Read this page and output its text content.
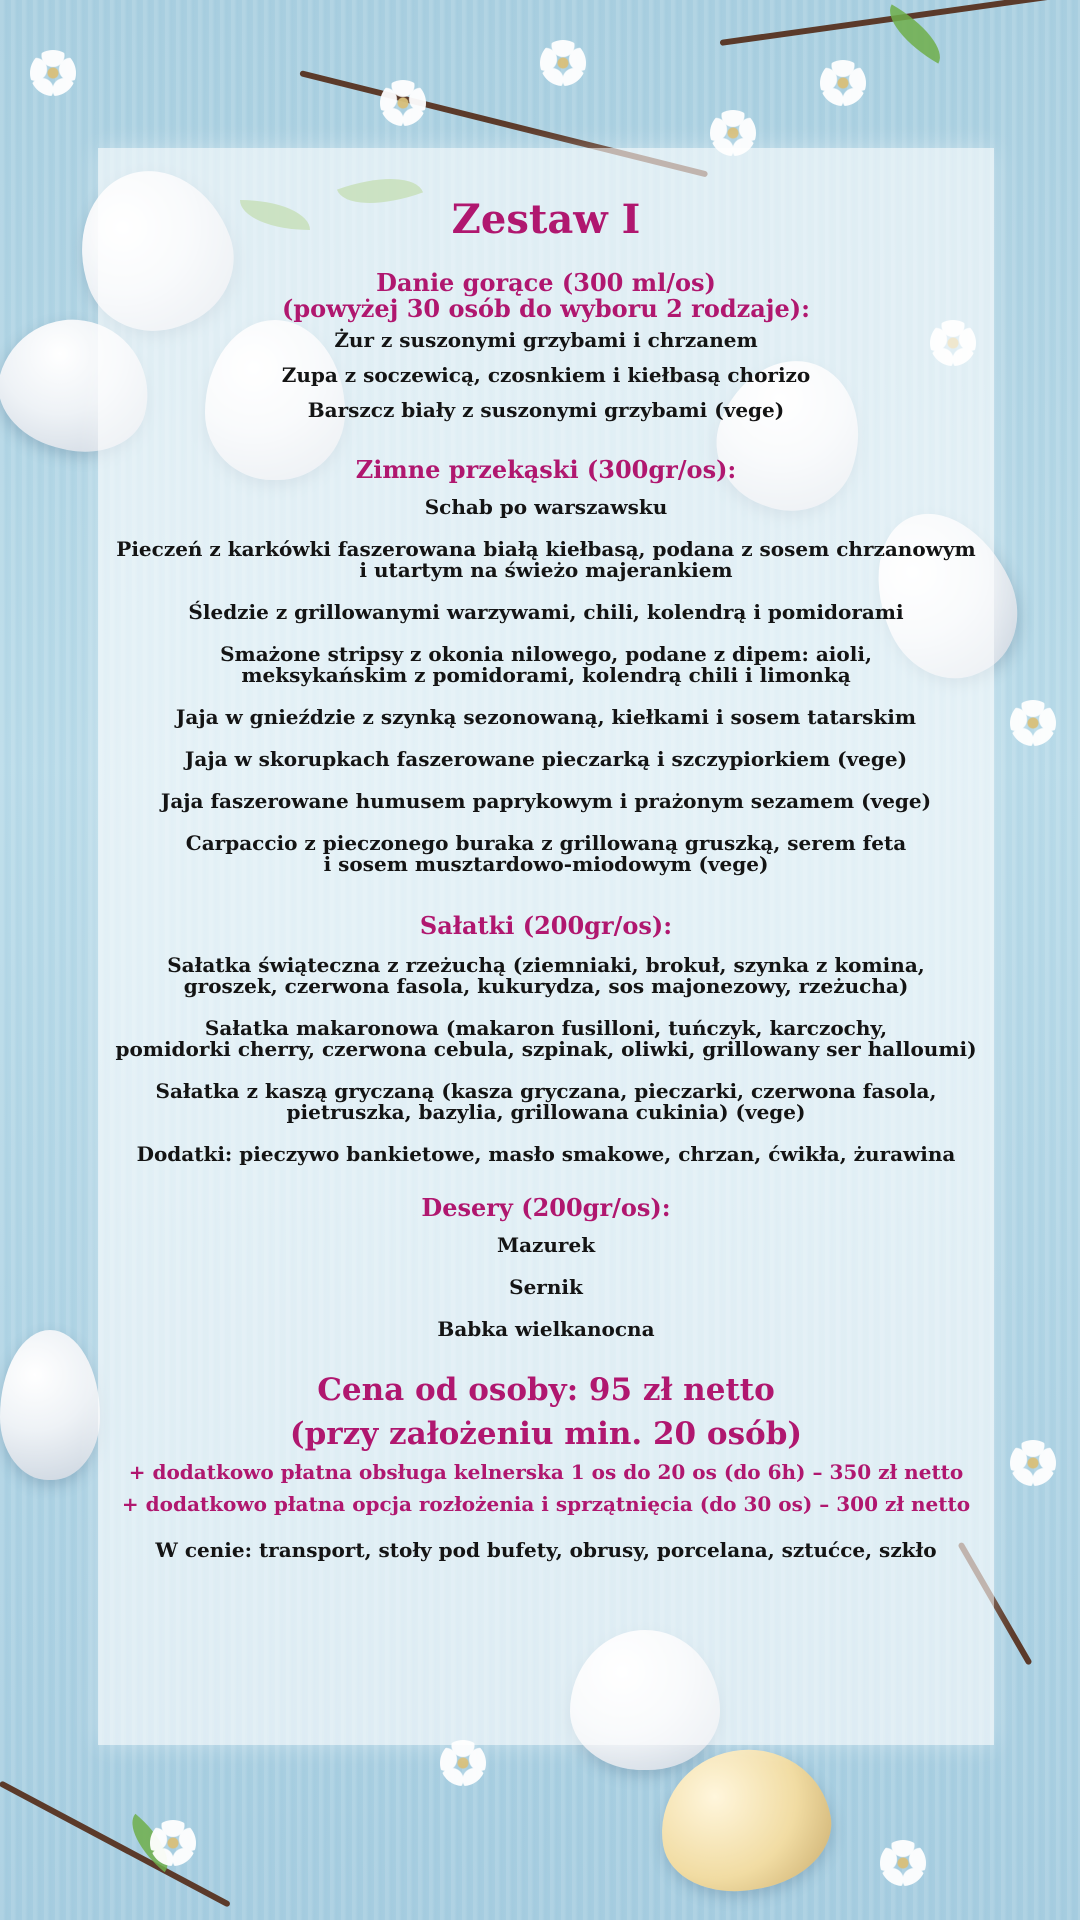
Zestaw I
Danie gorące (300 ml/os)
(powyżej 30 osób do wyboru 2 rodzaje):
Żur z suszonymi grzybami i chrzanem
Zupa z soczewicą, czosnkiem i kiełbasą chorizo
Barszcz biały z suszonymi grzybami (vege)
Zimne przekąski (300gr/os):
Schab po warszawsku
Pieczeń z karkówki faszerowana białą kiełbasą, podana z sosem chrzanowym
i utartym na świeżo majerankiem
Śledzie z grillowanymi warzywami, chili, kolendrą i pomidorami
Smażone stripsy z okonia nilowego, podane z dipem: aioli,
meksykańskim z pomidorami, kolendrą chili i limonką
Jaja w gnieździe z szynką sezonowaną, kiełkami i sosem tatarskim
Jaja w skorupkach faszerowane pieczarką i szczypiorkiem (vege)
Jaja faszerowane humusem paprykowym i prażonym sezamem (vege)
Carpaccio z pieczonego buraka z grillowaną gruszką, serem feta
i sosem musztardowo-miodowym (vege)
Sałatki (200gr/os):
Sałatka świąteczna z rzeżuchą (ziemniaki, brokuł, szynka z komina,
groszek, czerwona fasola, kukurydza, sos majonezowy, rzeżucha)
Sałatka makaronowa (makaron fusilloni, tuńczyk, karczochy,
pomidorki cherry, czerwona cebula, szpinak, oliwki, grillowany ser halloumi)
Sałatka z kaszą gryczaną (kasza gryczana, pieczarki, czerwona fasola,
pietruszka, bazylia, grillowana cukinia) (vege)
Dodatki: pieczywo bankietowe, masło smakowe, chrzan, ćwikła, żurawina
Desery (200gr/os):
Mazurek
Sernik
Babka wielkanocna
Cena od osoby: 95 zł netto
(przy założeniu min. 20 osób)
+ dodatkowo płatna obsługa kelnerska 1 os do 20 os (do 6h) – 350 zł netto
+ dodatkowo płatna opcja rozłożenia i sprzątnięcia (do 30 os) – 300 zł netto
W cenie: transport, stoły pod bufety, obrusy, porcelana, sztućce, szkło
